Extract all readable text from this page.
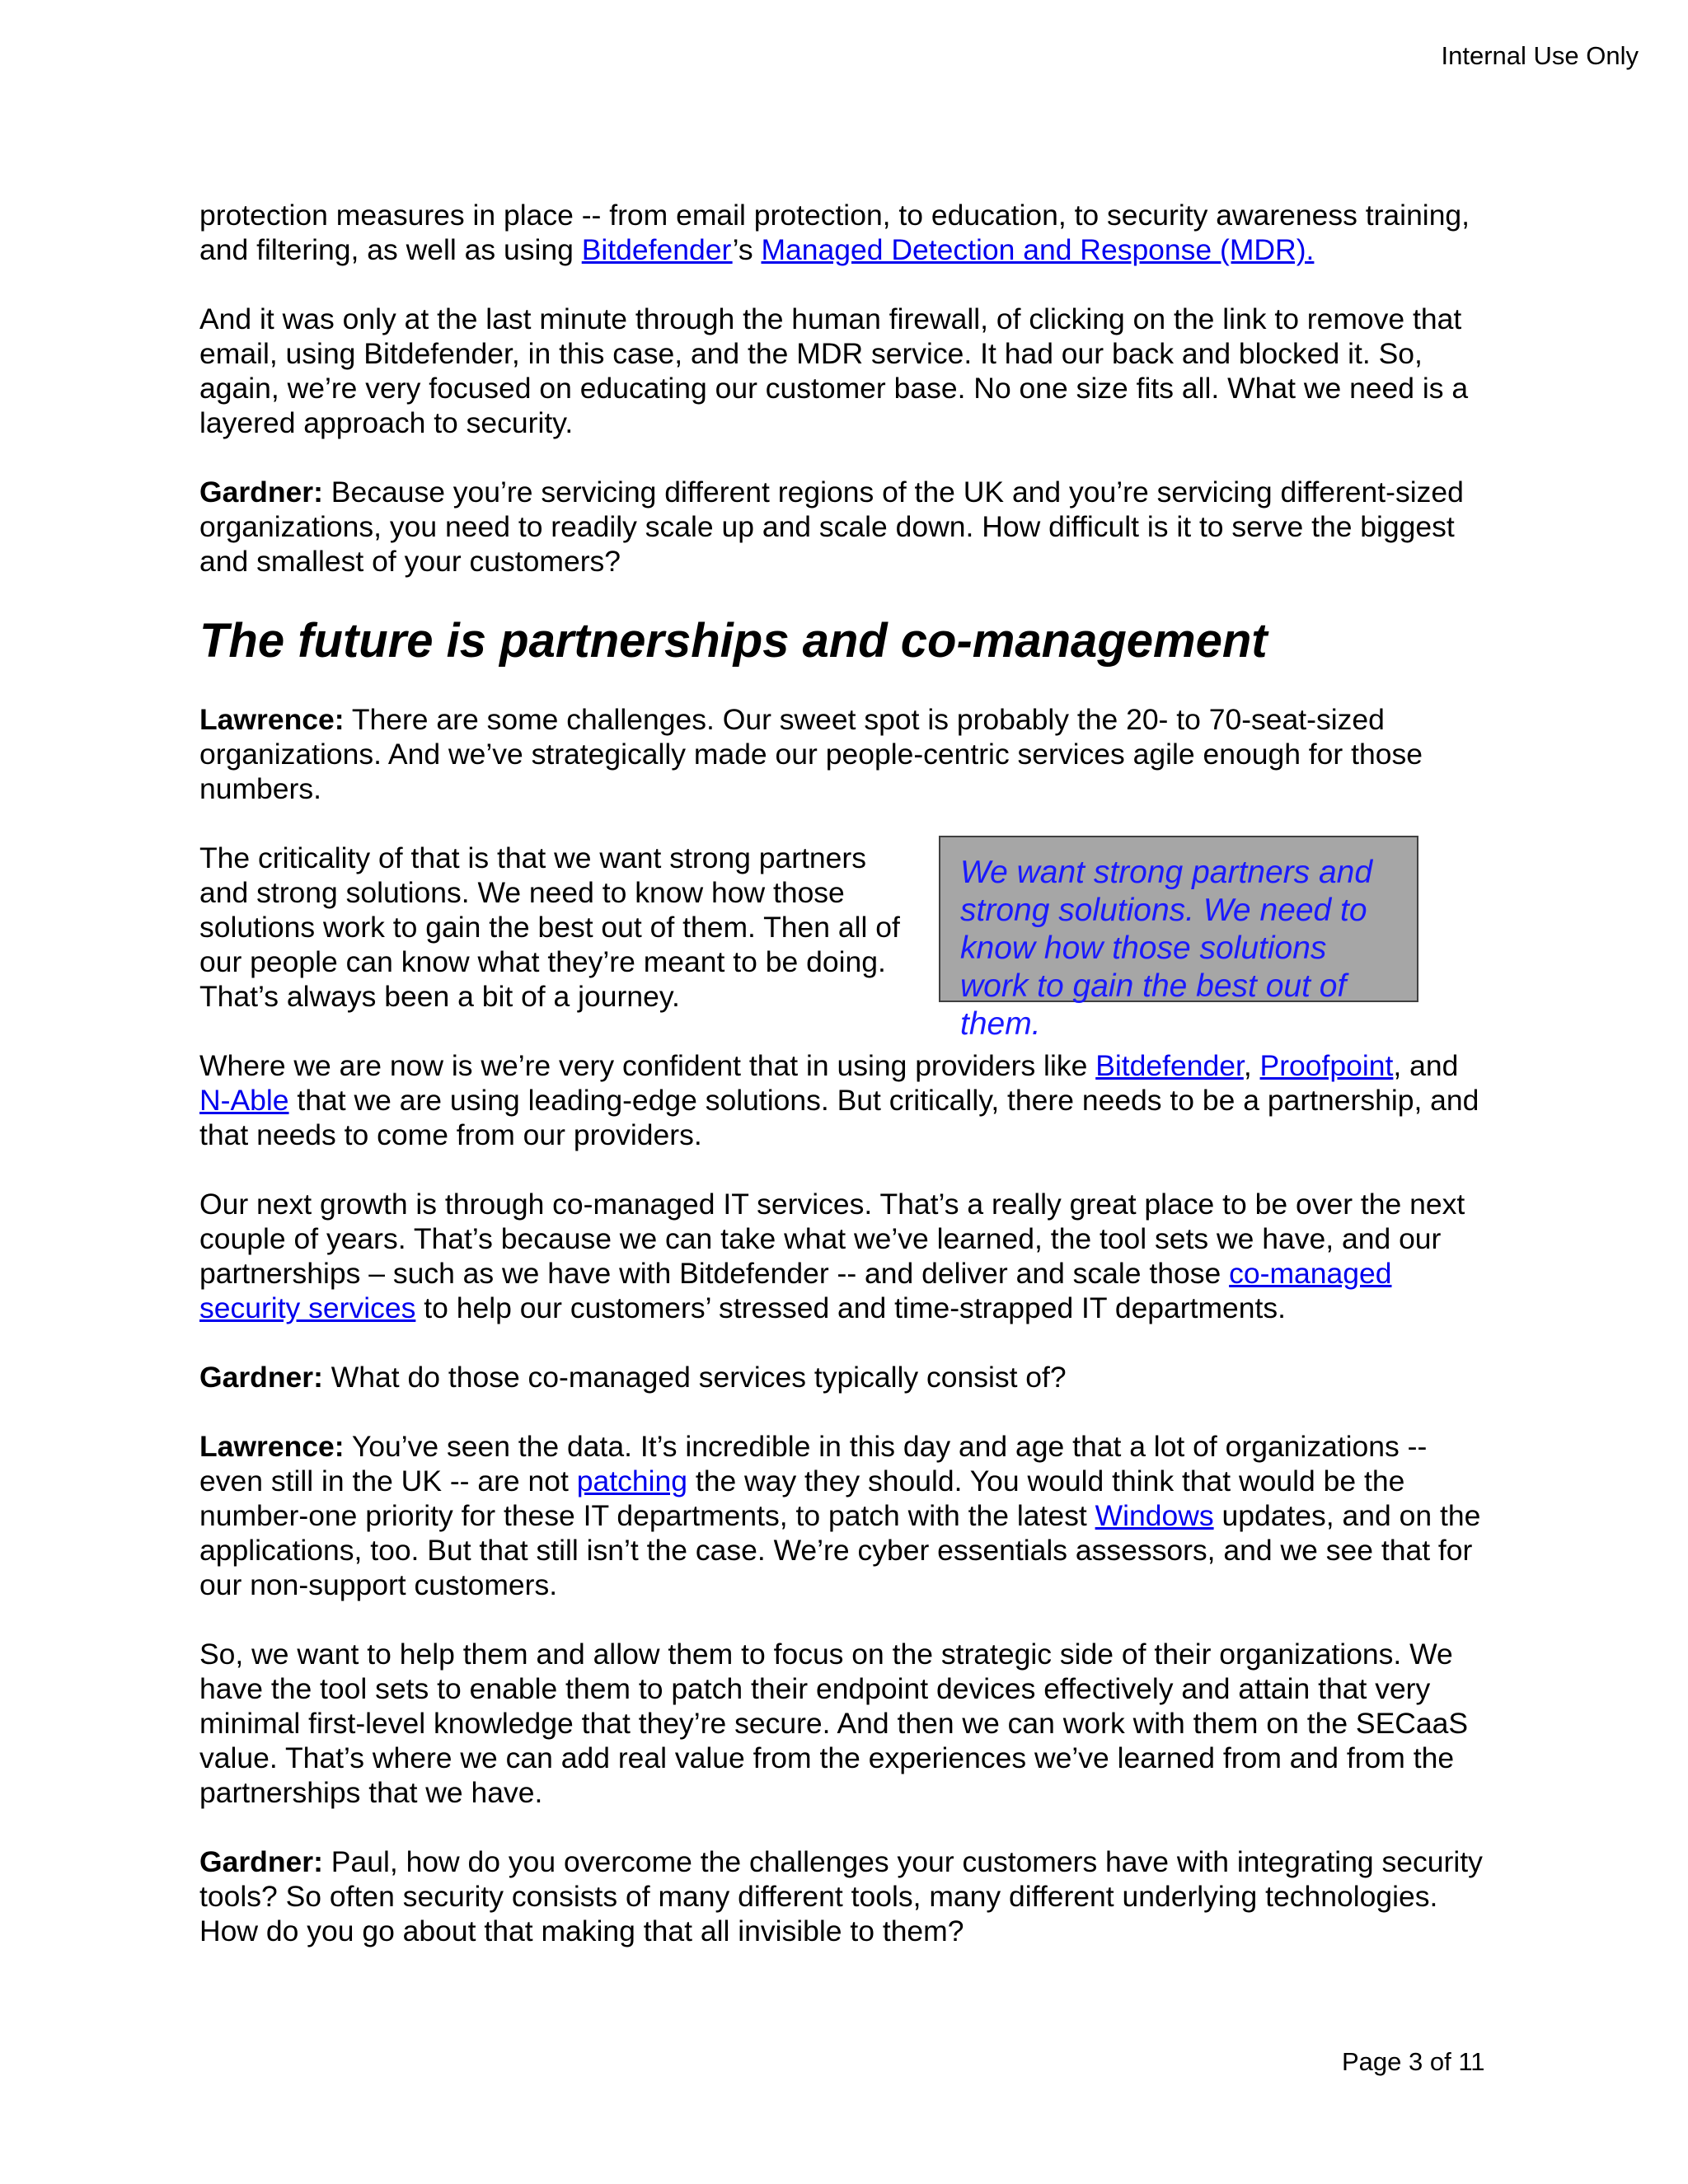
Internal Use Only

protection measures in place -- from email protection, to education, to security awareness training, and filtering, as well as using Bitdefender’s Managed Detection and Response (MDR).

And it was only at the last minute through the human firewall, of clicking on the link to remove that email, using Bitdefender, in this case, and the MDR service. It had our back and blocked it. So, again, we’re very focused on educating our customer base. No one size fits all. What we need is a layered approach to security.

Gardner: Because you’re servicing different regions of the UK and you’re servicing different-sized organizations, you need to readily scale up and scale down. How difficult is it to serve the biggest and smallest of your customers?

The future is partnerships and co-management

Lawrence: There are some challenges. Our sweet spot is probably the 20- to 70-seat-sized organizations. And we’ve strategically made our people-centric services agile enough for those numbers.

The criticality of that is that we want strong partners and strong solutions. We need to know how those solutions work to gain the best out of them. Then all of our people can know what they’re meant to be doing. That’s always been a bit of a journey.

We want strong partners and strong solutions. We need to know how those solutions work to gain the best out of them.

Where we are now is we’re very confident that in using providers like Bitdefender, Proofpoint, and N-Able that we are using leading-edge solutions. But critically, there needs to be a partnership, and that needs to come from our providers.

Our next growth is through co-managed IT services. That’s a really great place to be over the next couple of years. That’s because we can take what we’ve learned, the tool sets we have, and our partnerships – such as we have with Bitdefender -- and deliver and scale those co-managed security services to help our customers’ stressed and time-strapped IT departments.

Gardner: What do those co-managed services typically consist of?

Lawrence: You’ve seen the data. It’s incredible in this day and age that a lot of organizations -- even still in the UK -- are not patching the way they should. You would think that would be the number-one priority for these IT departments, to patch with the latest Windows updates, and on the applications, too. But that still isn’t the case. We’re cyber essentials assessors, and we see that for our non-support customers.

So, we want to help them and allow them to focus on the strategic side of their organizations. We have the tool sets to enable them to patch their endpoint devices effectively and attain that very minimal first-level knowledge that they’re secure. And then we can work with them on the SECaaS value. That’s where we can add real value from the experiences we’ve learned from and from the partnerships that we have.

Gardner: Paul, how do you overcome the challenges your customers have with integrating security tools? So often security consists of many different tools, many different underlying technologies. How do you go about that making that all invisible to them?

Page 3 of 11
